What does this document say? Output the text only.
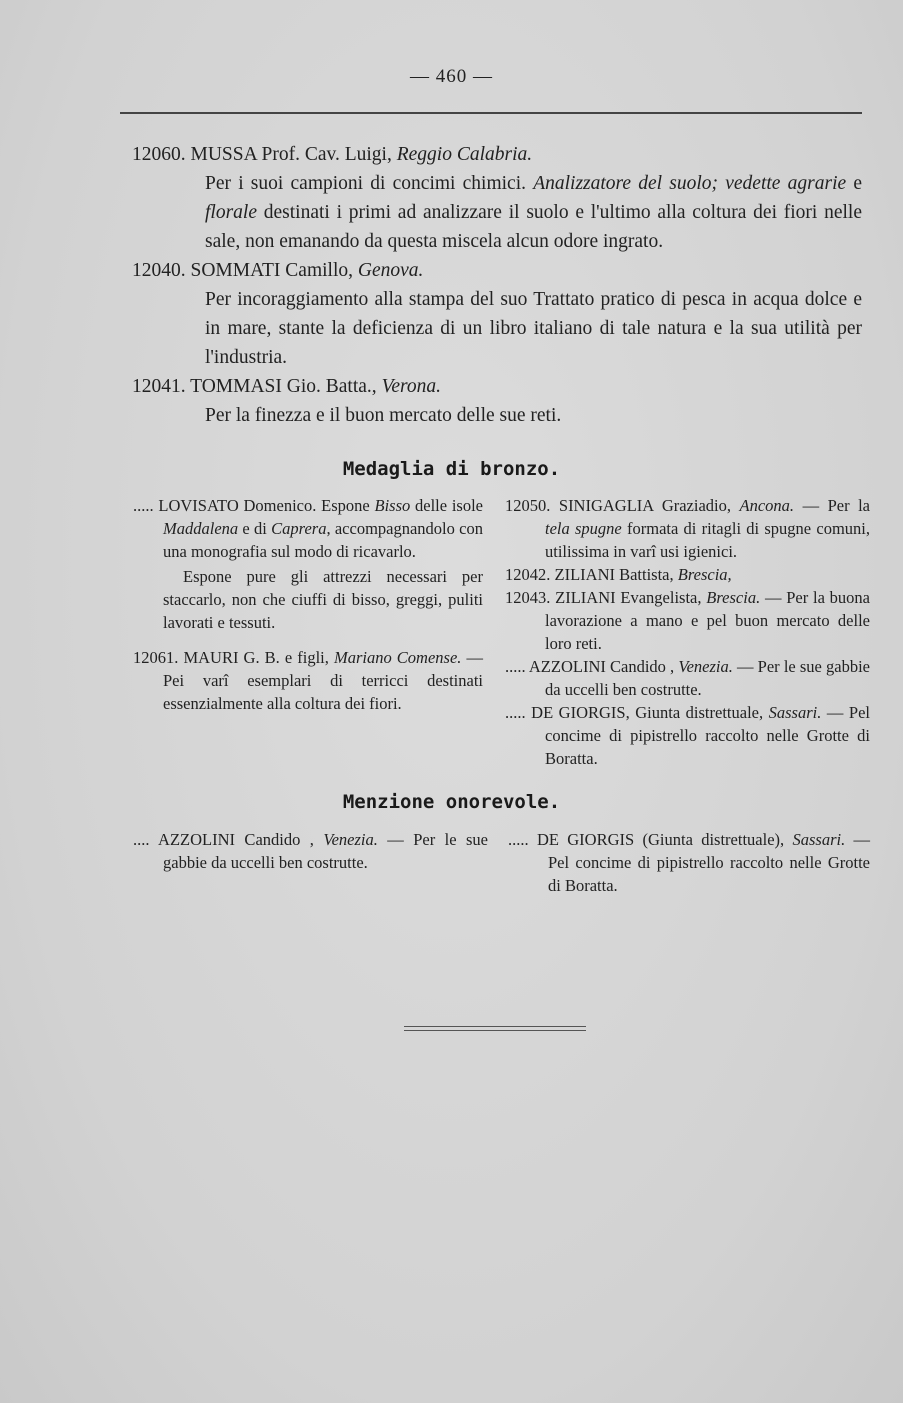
— 460 —

12060. MUSSA Prof. Cav. Luigi, Reggio Calabria.

Per i suoi campioni di concimi chimici. Analizzatore del suolo; vedette agrarie e florale destinati i primi ad analizzare il suolo e l'ultimo alla coltura dei fiori nelle sale, non emanando da questa miscela alcun odore ingrato.

12040. SOMMATI Camillo, Genova.

Per incoraggiamento alla stampa del suo Trattato pratico di pesca in acqua dolce e in mare, stante la deficienza di un libro italiano di tale natura e la sua utilità per l'industria.

12041. TOMMASI Gio. Batta., Verona.

Per la finezza e il buon mercato delle sue reti.

Medaglia di bronzo.

..... LOVISATO Domenico. Espone Bisso delle isole Maddalena e di Caprera, accompagnandolo con una monografia sul modo di ricavarlo.

Espone pure gli attrezzi necessari per staccarlo, non che ciuffi di bisso, greggi, puliti lavorati e tessuti.

12061. MAURI G. B. e figli, Mariano Comense. — Pei varî esemplari di terricci destinati essenzialmente alla coltura dei fiori.

12050. SINIGAGLIA Graziadio, Ancona. — Per la tela spugne formata di ritagli di spugne comuni, utilissima in varî usi igienici.

12042. ZILIANI Battista, Brescia,

12043. ZILIANI Evangelista, Brescia. — Per la buona lavorazione a mano e pel buon mercato delle loro reti.

..... AZZOLINI Candido , Venezia. — Per le sue gabbie da uccelli ben costrutte.

..... DE GIORGIS, Giunta distrettuale, Sassari. — Pel concime di pipistrello raccolto nelle Grotte di Boratta.

Menzione onorevole.

.... AZZOLINI Candido , Venezia. — Per le sue gabbie da uccelli ben costrutte.

..... DE GIORGIS (Giunta distrettuale), Sassari. — Pel concime di pipistrello raccolto nelle Grotte di Boratta.
